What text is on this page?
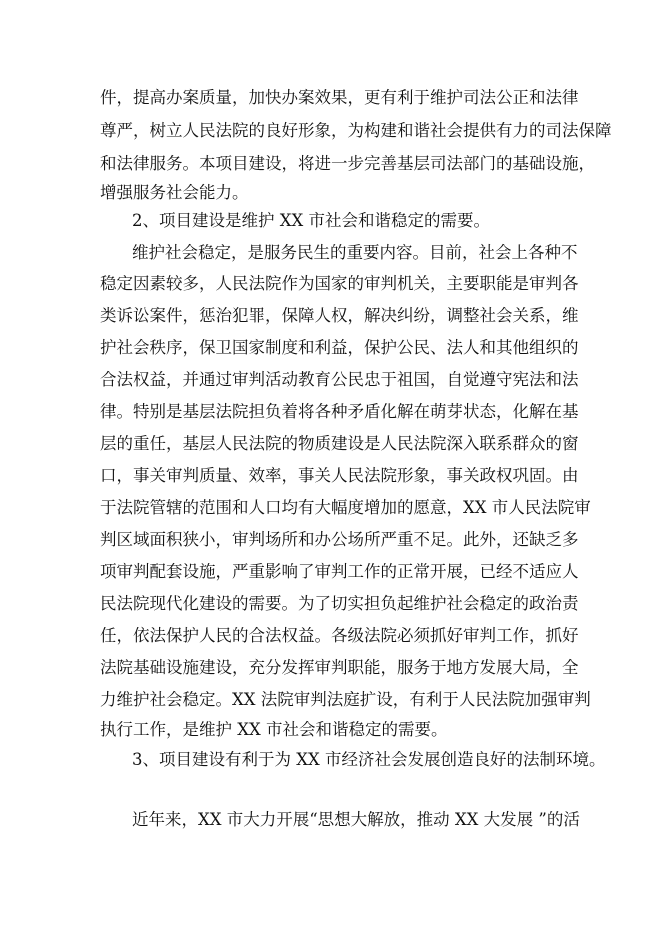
件，提高办案质量，加快办案效果，更有利于维护司法公正和法律
尊严，树立人民法院的良好形象，为构建和谐社会提供有力的司法保障
和法律服务。本项目建设，将进一步完善基层司法部门的基础设施，
增强服务社会能力。
2、项目建设是维护 XX 市社会和谐稳定的需要。
维护社会稳定，是服务民生的重要内容。目前，社会上各种不
稳定因素较多，人民法院作为国家的审判机关，主要职能是审判各
类诉讼案件，惩治犯罪，保障人权，解决纠纷，调整社会关系，维
护社会秩序，保卫国家制度和利益，保护公民、法人和其他组织的
合法权益，并通过审判活动教育公民忠于祖国，自觉遵守宪法和法
律。特别是基层法院担负着将各种矛盾化解在萌芽状态，化解在基
层的重任，基层人民法院的物质建设是人民法院深入联系群众的窗
口，事关审判质量、效率，事关人民法院形象，事关政权巩固。由
于法院管辖的范围和人口均有大幅度增加的愿意，XX 市人民法院审
判区域面积狭小，审判场所和办公场所严重不足。此外，还缺乏多
项审判配套设施，严重影响了审判工作的正常开展，已经不适应人
民法院现代化建设的需要。为了切实担负起维护社会稳定的政治责
任，依法保护人民的合法权益。各级法院必须抓好审判工作，抓好
法院基础设施建设，充分发挥审判职能，服务于地方发展大局，全
力维护社会稳定。XX 法院审判法庭扩设，有利于人民法院加强审判
执行工作，是维护 XX 市社会和谐稳定的需要。
3、项目建设有利于为 XX 市经济社会发展创造良好的法制环境。
近年来，XX 市大力开展“思想大解放，推动 XX 大发展 ”的活
